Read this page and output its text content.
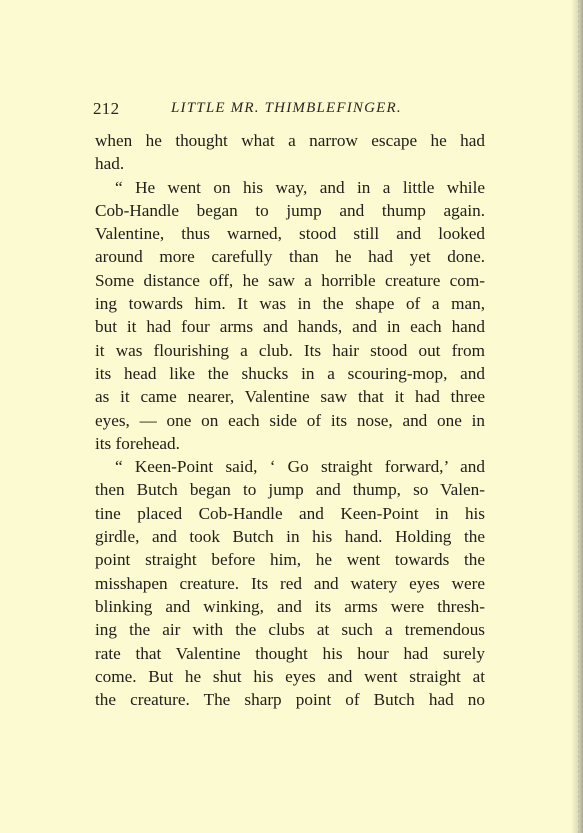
212	LITTLE MR. THIMBLEFINGER.
when he thought what a narrow escape he had
had.
“ He went on his way, and in a little while
Cob-Handle began to jump and thump again.
Valentine, thus warned, stood still and looked
around more carefully than he had yet done.
Some distance off, he saw a horrible creature com-
ing towards him. It was in the shape of a man,
but it had four arms and hands, and in each hand
it was flourishing a club. Its hair stood out from
its head like the shucks in a scouring-mop, and
as it came nearer, Valentine saw that it had three
eyes, — one on each side of its nose, and one in
its forehead.
“ Keen-Point said, ‘ Go straight forward,’ and
then Butch began to jump and thump, so Valen-
tine placed Cob-Handle and Keen-Point in his
girdle, and took Butch in his hand. Holding the
point straight before him, he went towards the
misshapen creature. Its red and watery eyes were
blinking and winking, and its arms were thresh-
ing the air with the clubs at such a tremendous
rate that Valentine thought his hour had surely
come. But he shut his eyes and went straight at
the creature. The sharp point of Butch had no
